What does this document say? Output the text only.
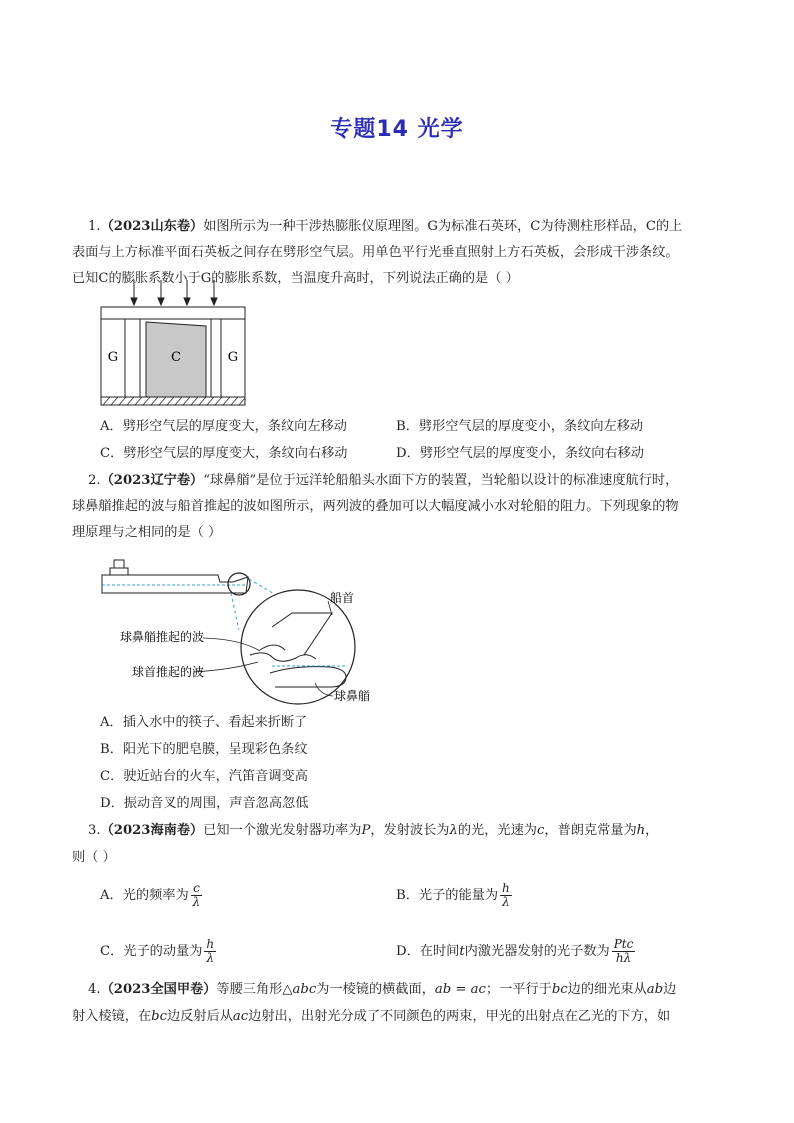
专题14 光学
1.（2023山东卷）如图所示为一种干涉热膨胀仪原理图。G为标准石英环，C为待测柱形样品，C的上
表面与上方标准平面石英板之间存在劈形空气层。用单色平行光垂直照射上方石英板，会形成干涉条纹。
已知C的膨胀系数小于G的膨胀系数，当温度升高时，下列说法正确的是（ ）
G	C	G
A．劈形空气层的厚度变大，条纹向左移动	B．劈形空气层的厚度变小，条纹向左移动
C．劈形空气层的厚度变大，条纹向右移动	D．劈形空气层的厚度变小，条纹向右移动
2.（2023辽宁卷）“球鼻艏”是位于远洋轮船船头水面下方的装置，当轮船以设计的标准速度航行时，
球鼻艏推起的波与船首推起的波如图所示，两列波的叠加可以大幅度减小水对轮船的阻力。下列现象的物
理原理与之相同的是（ ）
船首
球鼻艏推起的波
球首推起的波
球鼻艏
A．插入水中的筷子、看起来折断了
B．阳光下的肥皂膜，呈现彩色条纹
C．驶近站台的火车，汽笛音调变高
D．振动音叉的周围，声音忽高忽低
3.（2023海南卷）已知一个激光发射器功率为P，发射波长为λ的光，光速为c，普朗克常量为h，
则（ ）
A．光的频率为 $\frac{c}{\lambda}$	B．光子的能量为 $\frac{h}{\lambda}$
C．光子的动量为 $\frac{h}{\lambda}$	D．在时间t内激光器发射的光子数为 $\frac{\text{Ptc}}{h\lambda}$
4.（2023全国甲卷）等腰三角形△abc为一棱镜的横截面，ab = ac；一平行于bc边的细光束从ab边
射入棱镜，在bc边反射后从ac边射出，出射光分成了不同颜色的两束，甲光的出射点在乙光的下方，如
